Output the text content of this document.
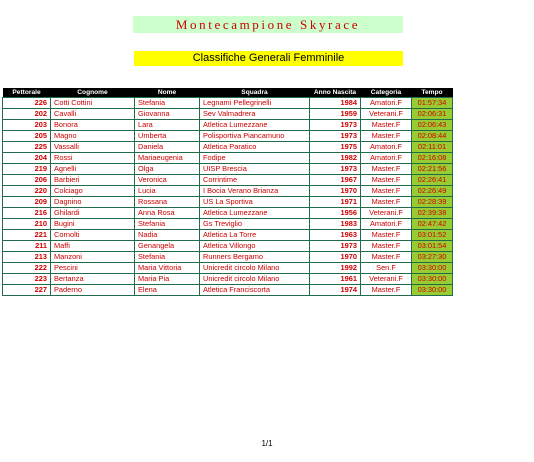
Montecampione Skyrace
Classifiche Generali Femminile
Pettorale	Cognome	Nome	Squadra	Anno Nascita	Categoria	Tempo
226	Cotti Cottini	Stefania	Legnami Pellegrinelli	1984	Amatori.F	01:57:34
202	Cavalli	Giovanna	Sev Valmadrera	1959	Veterani.F	02:06:31
203	Bonora	Lara	Atletica Lumezzane	1973	Master.F	02:06:43
205	Magno	Umberta	Polisportiva Piancamuno	1973	Master.F	02:08:44
225	Vassalli	Daniela	Atletica Paratico	1975	Amatori.F	02:11:01
204	Rossi	Mariaeugenia	Fodipe	1982	Amatori.F	02:16:08
219	Agnelli	Olga	UISP Brescia	1973	Master.F	02:21:56
206	Barbieri	Veronica	Corrintime	1967	Master.F	02:26:41
220	Colciago	Lucia	I Bocia Verano Brianza	1970	Master.F	02:26:49
209	Dagnino	Rossana	US La Sportiva	1971	Master.F	02:28:39
216	Ghilardi	Anna Rosa	Atletica Lumezzane	1956	Veterani.F	02:39:38
210	Bugini	Stefania	Gs Treviglio	1983	Amatori.F	02:47:42
221	Cornolti	Nadia	Atletica La Torre	1963	Master.F	03:01:52
211	Maffi	Genangela	Atletica Villongo	1973	Master.F	03:01:54
213	Manzoni	Stefania	Runners Bergamo	1970	Master.F	03:27:30
222	Pescini	Maria Vittoria	Unicredit circolo Milano	1992	Sen.F	03:30:00
223	Bertanza	Maria Pia	Unicredit circolo Milano	1961	Veterani.F	03:30:00
227	Paderno	Elena	Atletica Franciscorta	1974	Master.F	03:30:00
1/1
